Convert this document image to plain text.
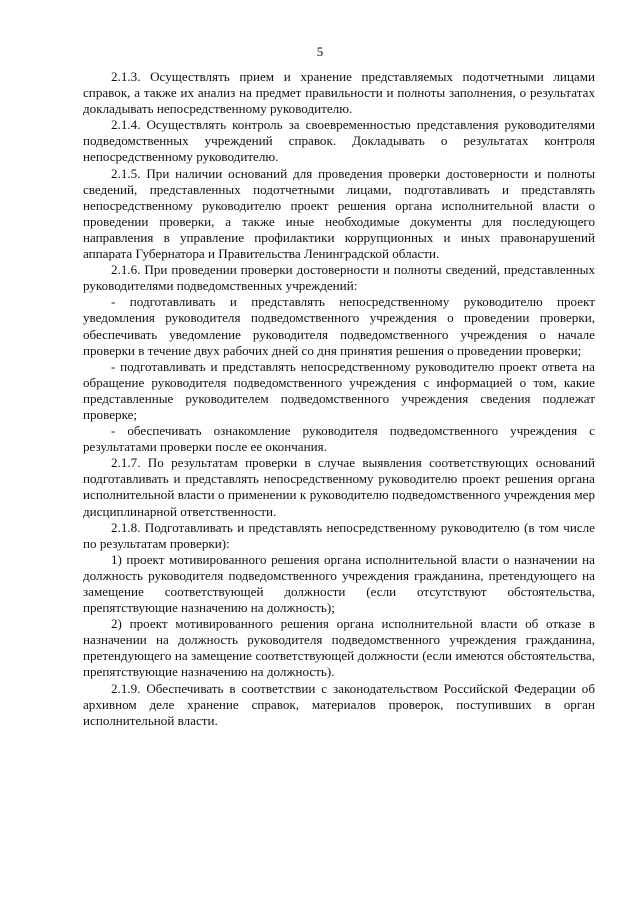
5

2.1.3. Осуществлять прием и хранение представляемых подотчетными лицами справок, а также их анализ на предмет правильности и полноты заполнения, о результатах докладывать непосредственному руководителю.

2.1.4. Осуществлять контроль за своевременностью представления руководителями подведомственных учреждений справок. Докладывать о результатах контроля непосредственному руководителю.

2.1.5. При наличии оснований для проведения проверки достоверности и полноты сведений, представленных подотчетными лицами, подготавливать и представлять непосредственному руководителю проект решения органа исполнительной власти о проведении проверки, а также иные необходимые документы для последующего направления в управление профилактики коррупционных и иных правонарушений аппарата Губернатора и Правительства Ленинградской области.

2.1.6. При проведении проверки достоверности и полноты сведений, представленных руководителями подведомственных учреждений:

- подготавливать и представлять непосредственному руководителю проект уведомления руководителя подведомственного учреждения о проведении проверки, обеспечивать уведомление руководителя подведомственного учреждения о начале проверки в течение двух рабочих дней со дня принятия решения о проведении проверки;

- подготавливать и представлять непосредственному руководителю проект ответа на обращение руководителя подведомственного учреждения с информацией о том, какие представленные руководителем подведомственного учреждения сведения подлежат проверке;

- обеспечивать ознакомление руководителя подведомственного учреждения с результатами проверки после ее окончания.

2.1.7. По результатам проверки в случае выявления соответствующих оснований подготавливать и представлять непосредственному руководителю проект решения органа исполнительной власти о применении к руководителю подведомственного учреждения мер дисциплинарной ответственности.

2.1.8. Подготавливать и представлять непосредственному руководителю (в том числе по результатам проверки):

1) проект мотивированного решения органа исполнительной власти о назначении на должность руководителя подведомственного учреждения гражданина, претендующего на замещение соответствующей должности (если отсутствуют обстоятельства, препятствующие назначению на должность);

2) проект мотивированного решения органа исполнительной власти об отказе в назначении на должность руководителя подведомственного учреждения гражданина, претендующего на замещение соответствующей должности (если имеются обстоятельства, препятствующие назначению на должность).

2.1.9. Обеспечивать в соответствии с законодательством Российской Федерации об архивном деле хранение справок, материалов проверок, поступивших в орган исполнительной власти.
